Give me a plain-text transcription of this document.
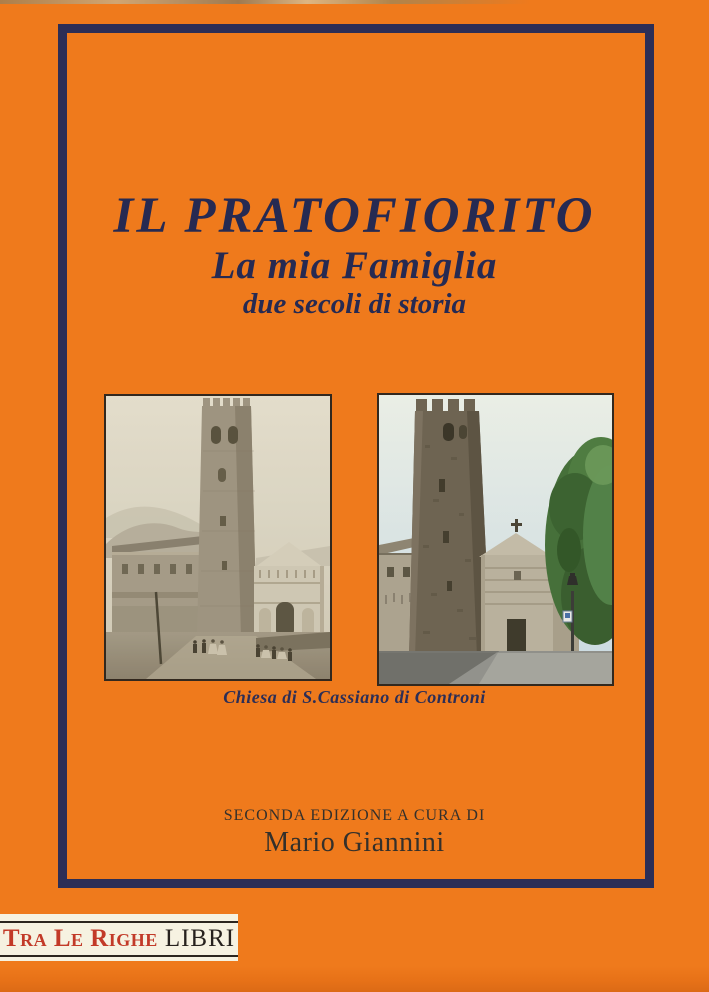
IL PRATOFIORITO
La mia Famiglia
due secoli di storia
Chiesa di S.Cassiano di Controni

SECONDA EDIZIONE A CURA DI

Mario Giannini

Tra Le Righe LIBRI
